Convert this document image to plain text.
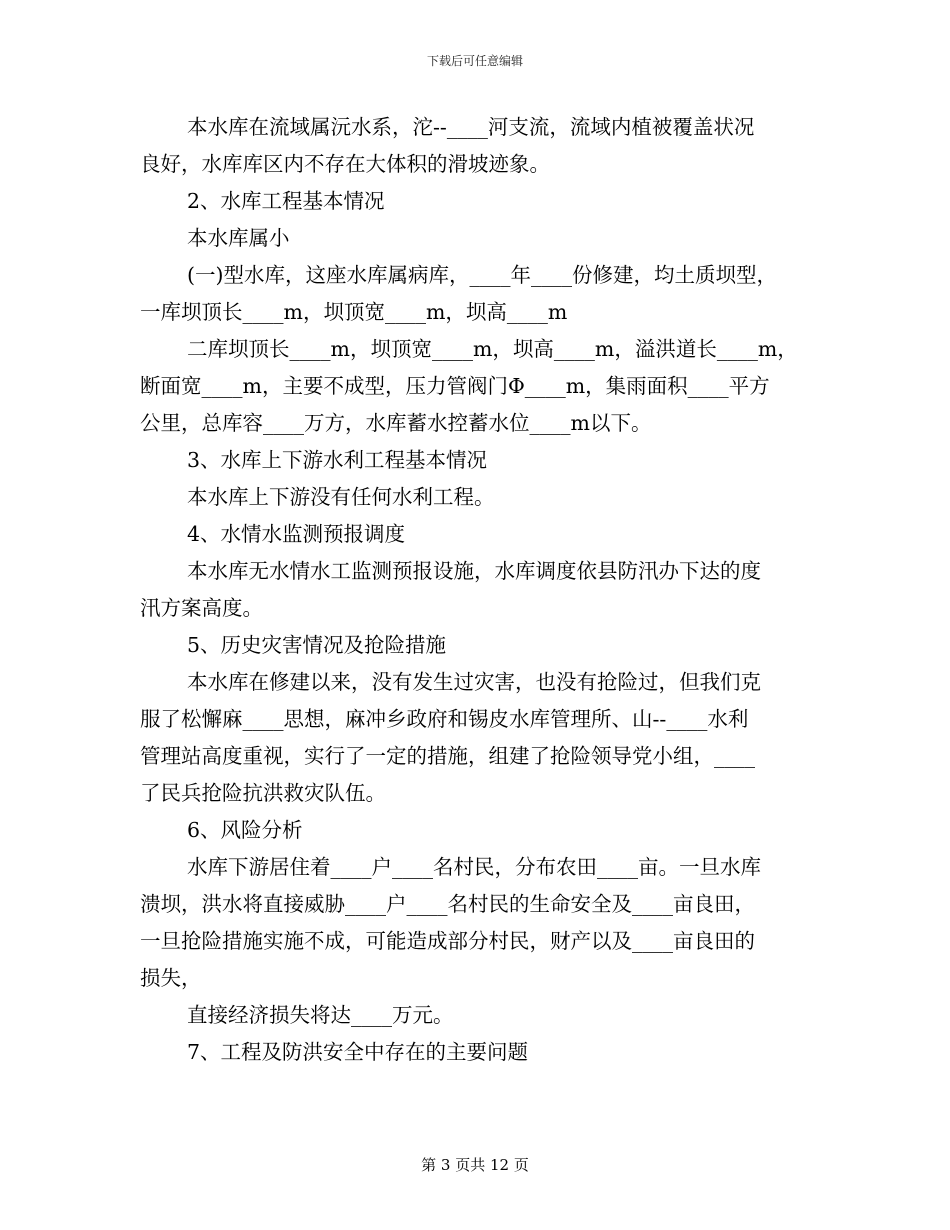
下载后可任意编辑
本水库在流域属沅水系，沱--____河支流，流域内植被覆盖状况
良好，水库库区内不存在大体积的滑坡迹象。
2、水库工程基本情况
本水库属小
(一)型水库，这座水库属病库，____年____份修建，均土质坝型，
一库坝顶长____m，坝顶宽____m，坝高____m
二库坝顶长____m，坝顶宽____m，坝高____m，溢洪道长____m，
断面宽____m，主要不成型，压力管阀门Φ____m，集雨面积____平方
公里，总库容____万方，水库蓄水控蓄水位____m以下。
3、水库上下游水利工程基本情况
本水库上下游没有任何水利工程。
4、水情水监测预报调度
本水库无水情水工监测预报设施，水库调度依县防汛办下达的度
汛方案高度。
5、历史灾害情况及抢险措施
本水库在修建以来，没有发生过灾害，也没有抢险过，但我们克
服了松懈麻____思想，麻冲乡政府和锡皮水库管理所、山--____水利
管理站高度重视，实行了一定的措施，组建了抢险领导党小组，____
了民兵抢险抗洪救灾队伍。
6、风险分析
水库下游居住着____户____名村民，分布农田____亩。一旦水库
溃坝，洪水将直接威胁____户____名村民的生命安全及____亩良田，
一旦抢险措施实施不成，可能造成部分村民，财产以及____亩良田的
损失，
直接经济损失将达____万元。
7、工程及防洪安全中存在的主要问题
第 3 页共 12 页
